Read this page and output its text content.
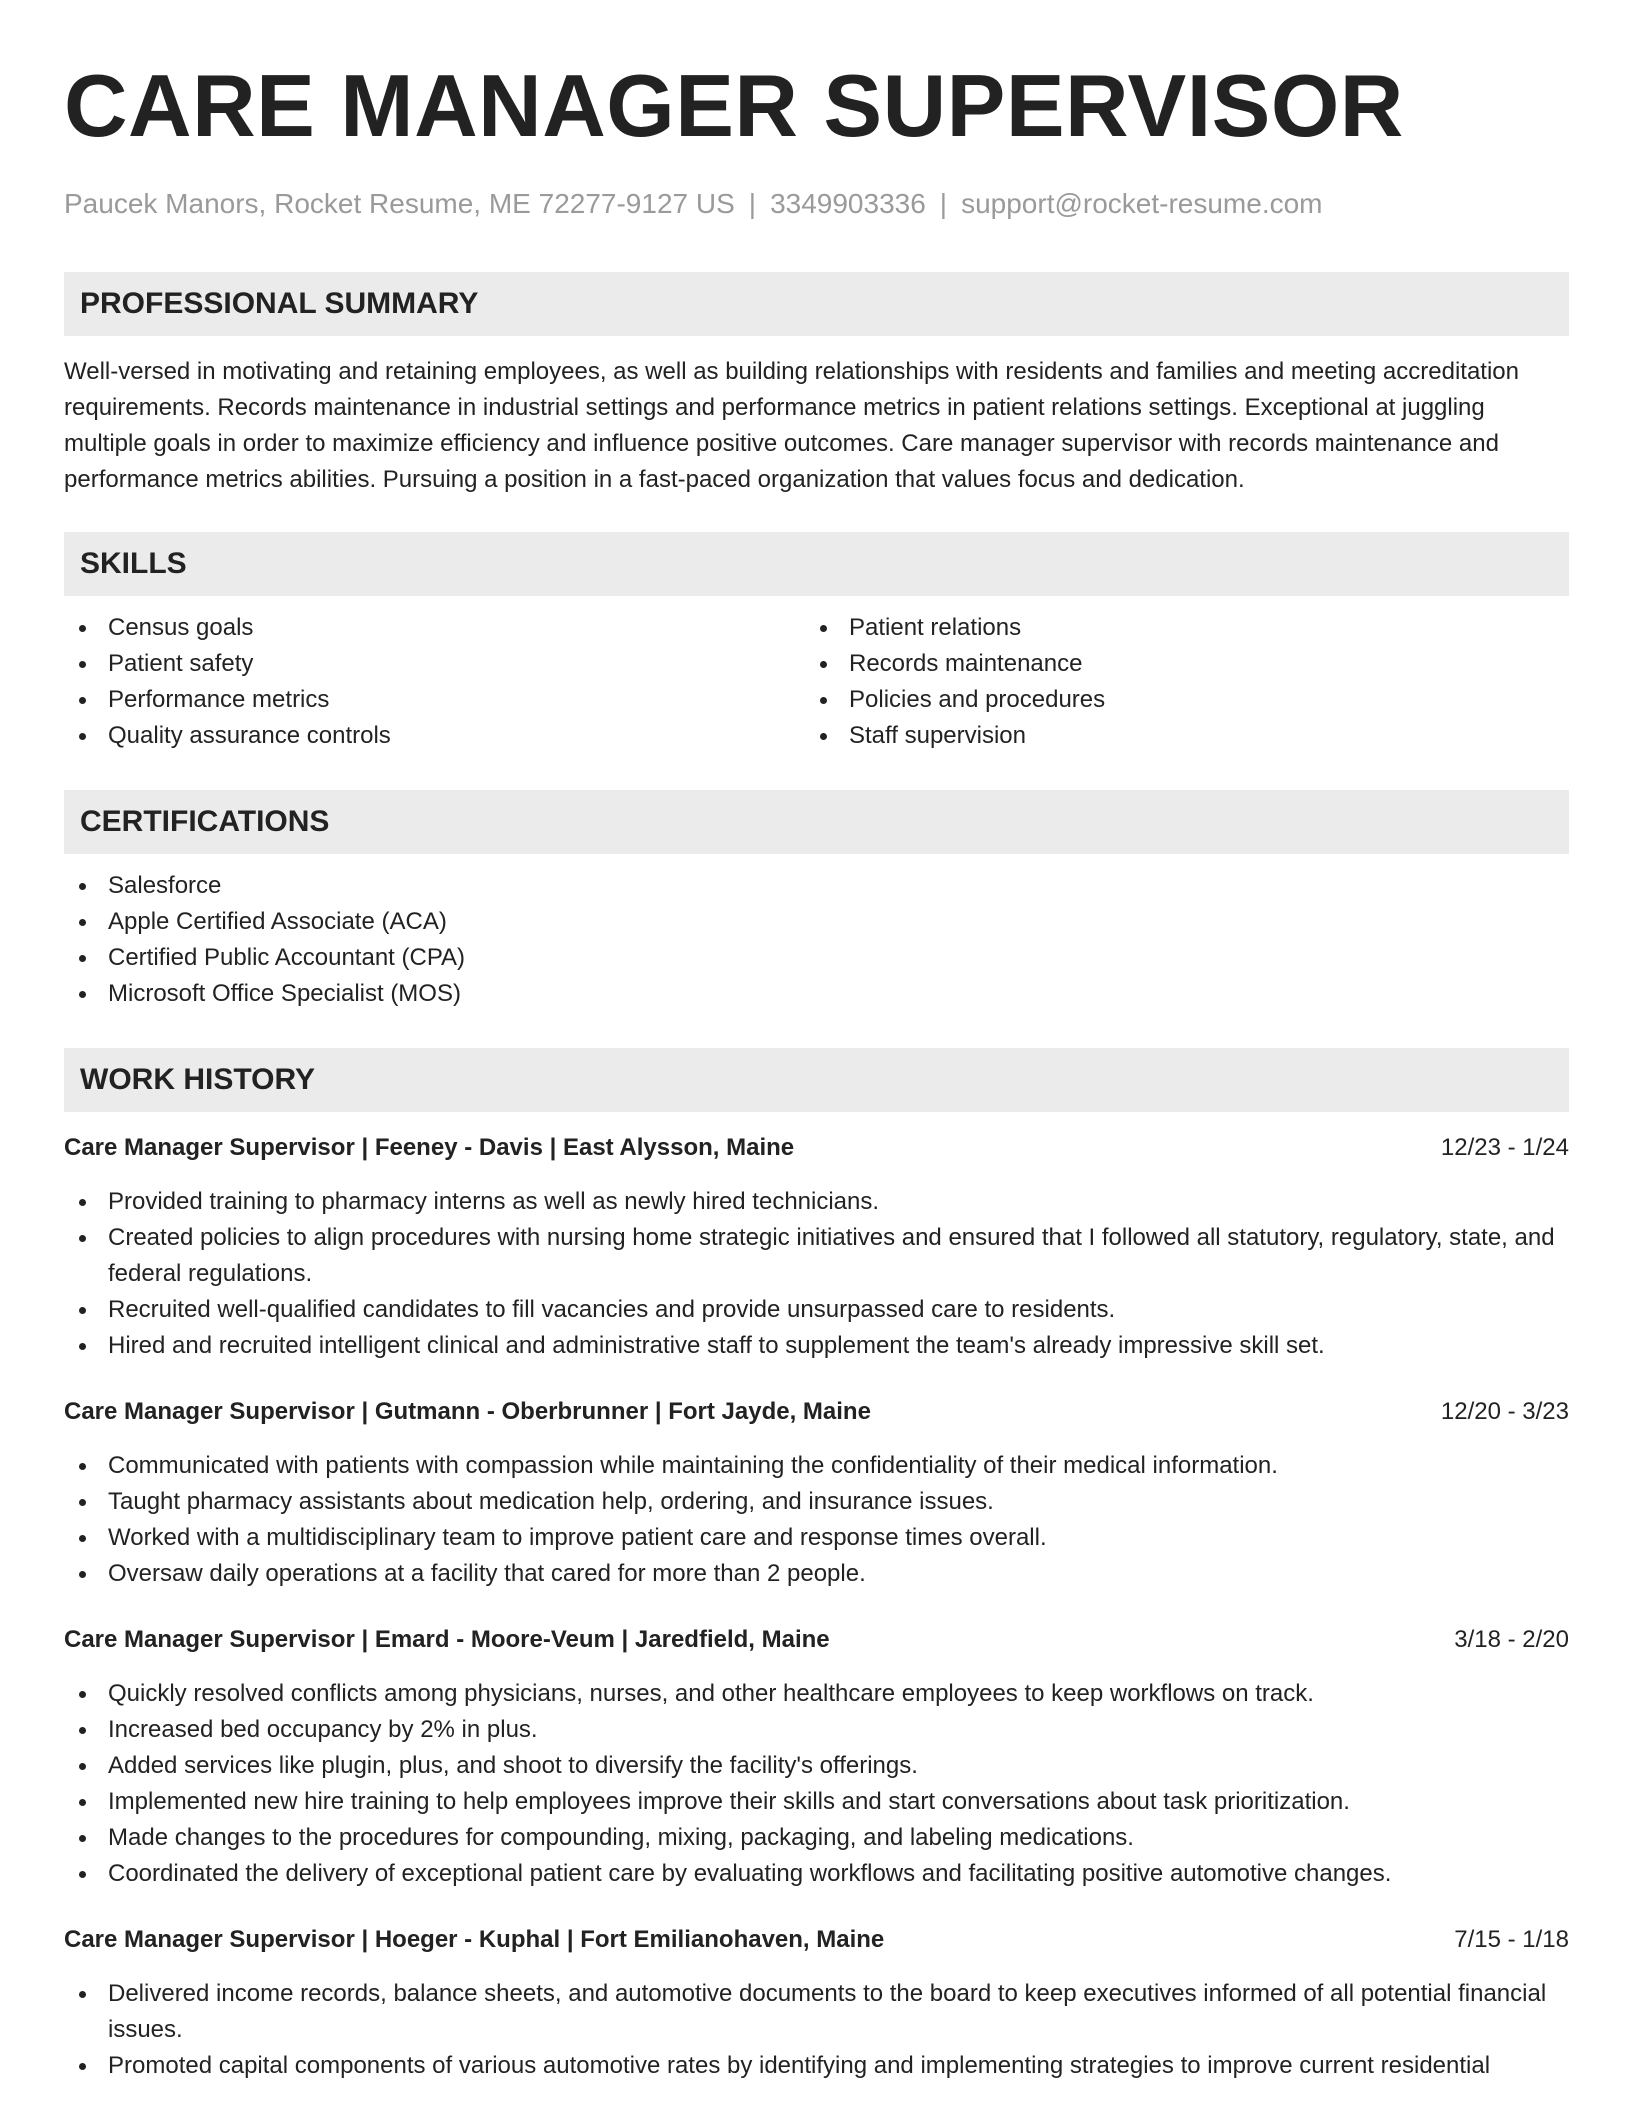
CARE MANAGER SUPERVISOR
Paucek Manors, Rocket Resume, ME 72277-9127 US | 3349903336 | support@rocket-resume.com
PROFESSIONAL SUMMARY

Well-versed in motivating and retaining employees, as well as building relationships with residents and families and meeting accreditation requirements. Records maintenance in industrial settings and performance metrics in patient relations settings. Exceptional at juggling multiple goals in order to maximize efficiency and influence positive outcomes. Care manager supervisor with records maintenance and performance metrics abilities. Pursuing a position in a fast-paced organization that values focus and dedication.

SKILLS
Census goals
Patient safety
Performance metrics
Quality assurance controls
Patient relations
Records maintenance
Policies and procedures
Staff supervision
CERTIFICATIONS
Salesforce
Apple Certified Associate (ACA)
Certified Public Accountant (CPA)
Microsoft Office Specialist (MOS)
WORK HISTORY
Care Manager Supervisor | Feeney - Davis | East Alysson, Maine	12/23 - 1/24
Provided training to pharmacy interns as well as newly hired technicians.
Created policies to align procedures with nursing home strategic initiatives and ensured that I followed all statutory, regulatory, state, and federal regulations.
Recruited well-qualified candidates to fill vacancies and provide unsurpassed care to residents.
Hired and recruited intelligent clinical and administrative staff to supplement the team's already impressive skill set.
Care Manager Supervisor | Gutmann - Oberbrunner | Fort Jayde, Maine	12/20 - 3/23
Communicated with patients with compassion while maintaining the confidentiality of their medical information.
Taught pharmacy assistants about medication help, ordering, and insurance issues.
Worked with a multidisciplinary team to improve patient care and response times overall.
Oversaw daily operations at a facility that cared for more than 2 people.
Care Manager Supervisor | Emard - Moore-Veum | Jaredfield, Maine	3/18 - 2/20
Quickly resolved conflicts among physicians, nurses, and other healthcare employees to keep workflows on track.
Increased bed occupancy by 2% in plus.
Added services like plugin, plus, and shoot to diversify the facility's offerings.
Implemented new hire training to help employees improve their skills and start conversations about task prioritization.
Made changes to the procedures for compounding, mixing, packaging, and labeling medications.
Coordinated the delivery of exceptional patient care by evaluating workflows and facilitating positive automotive changes.
Care Manager Supervisor | Hoeger - Kuphal | Fort Emilianohaven, Maine	7/15 - 1/18
Delivered income records, balance sheets, and automotive documents to the board to keep executives informed of all potential financial issues.
Promoted capital components of various automotive rates by identifying and implementing strategies to improve current residential
